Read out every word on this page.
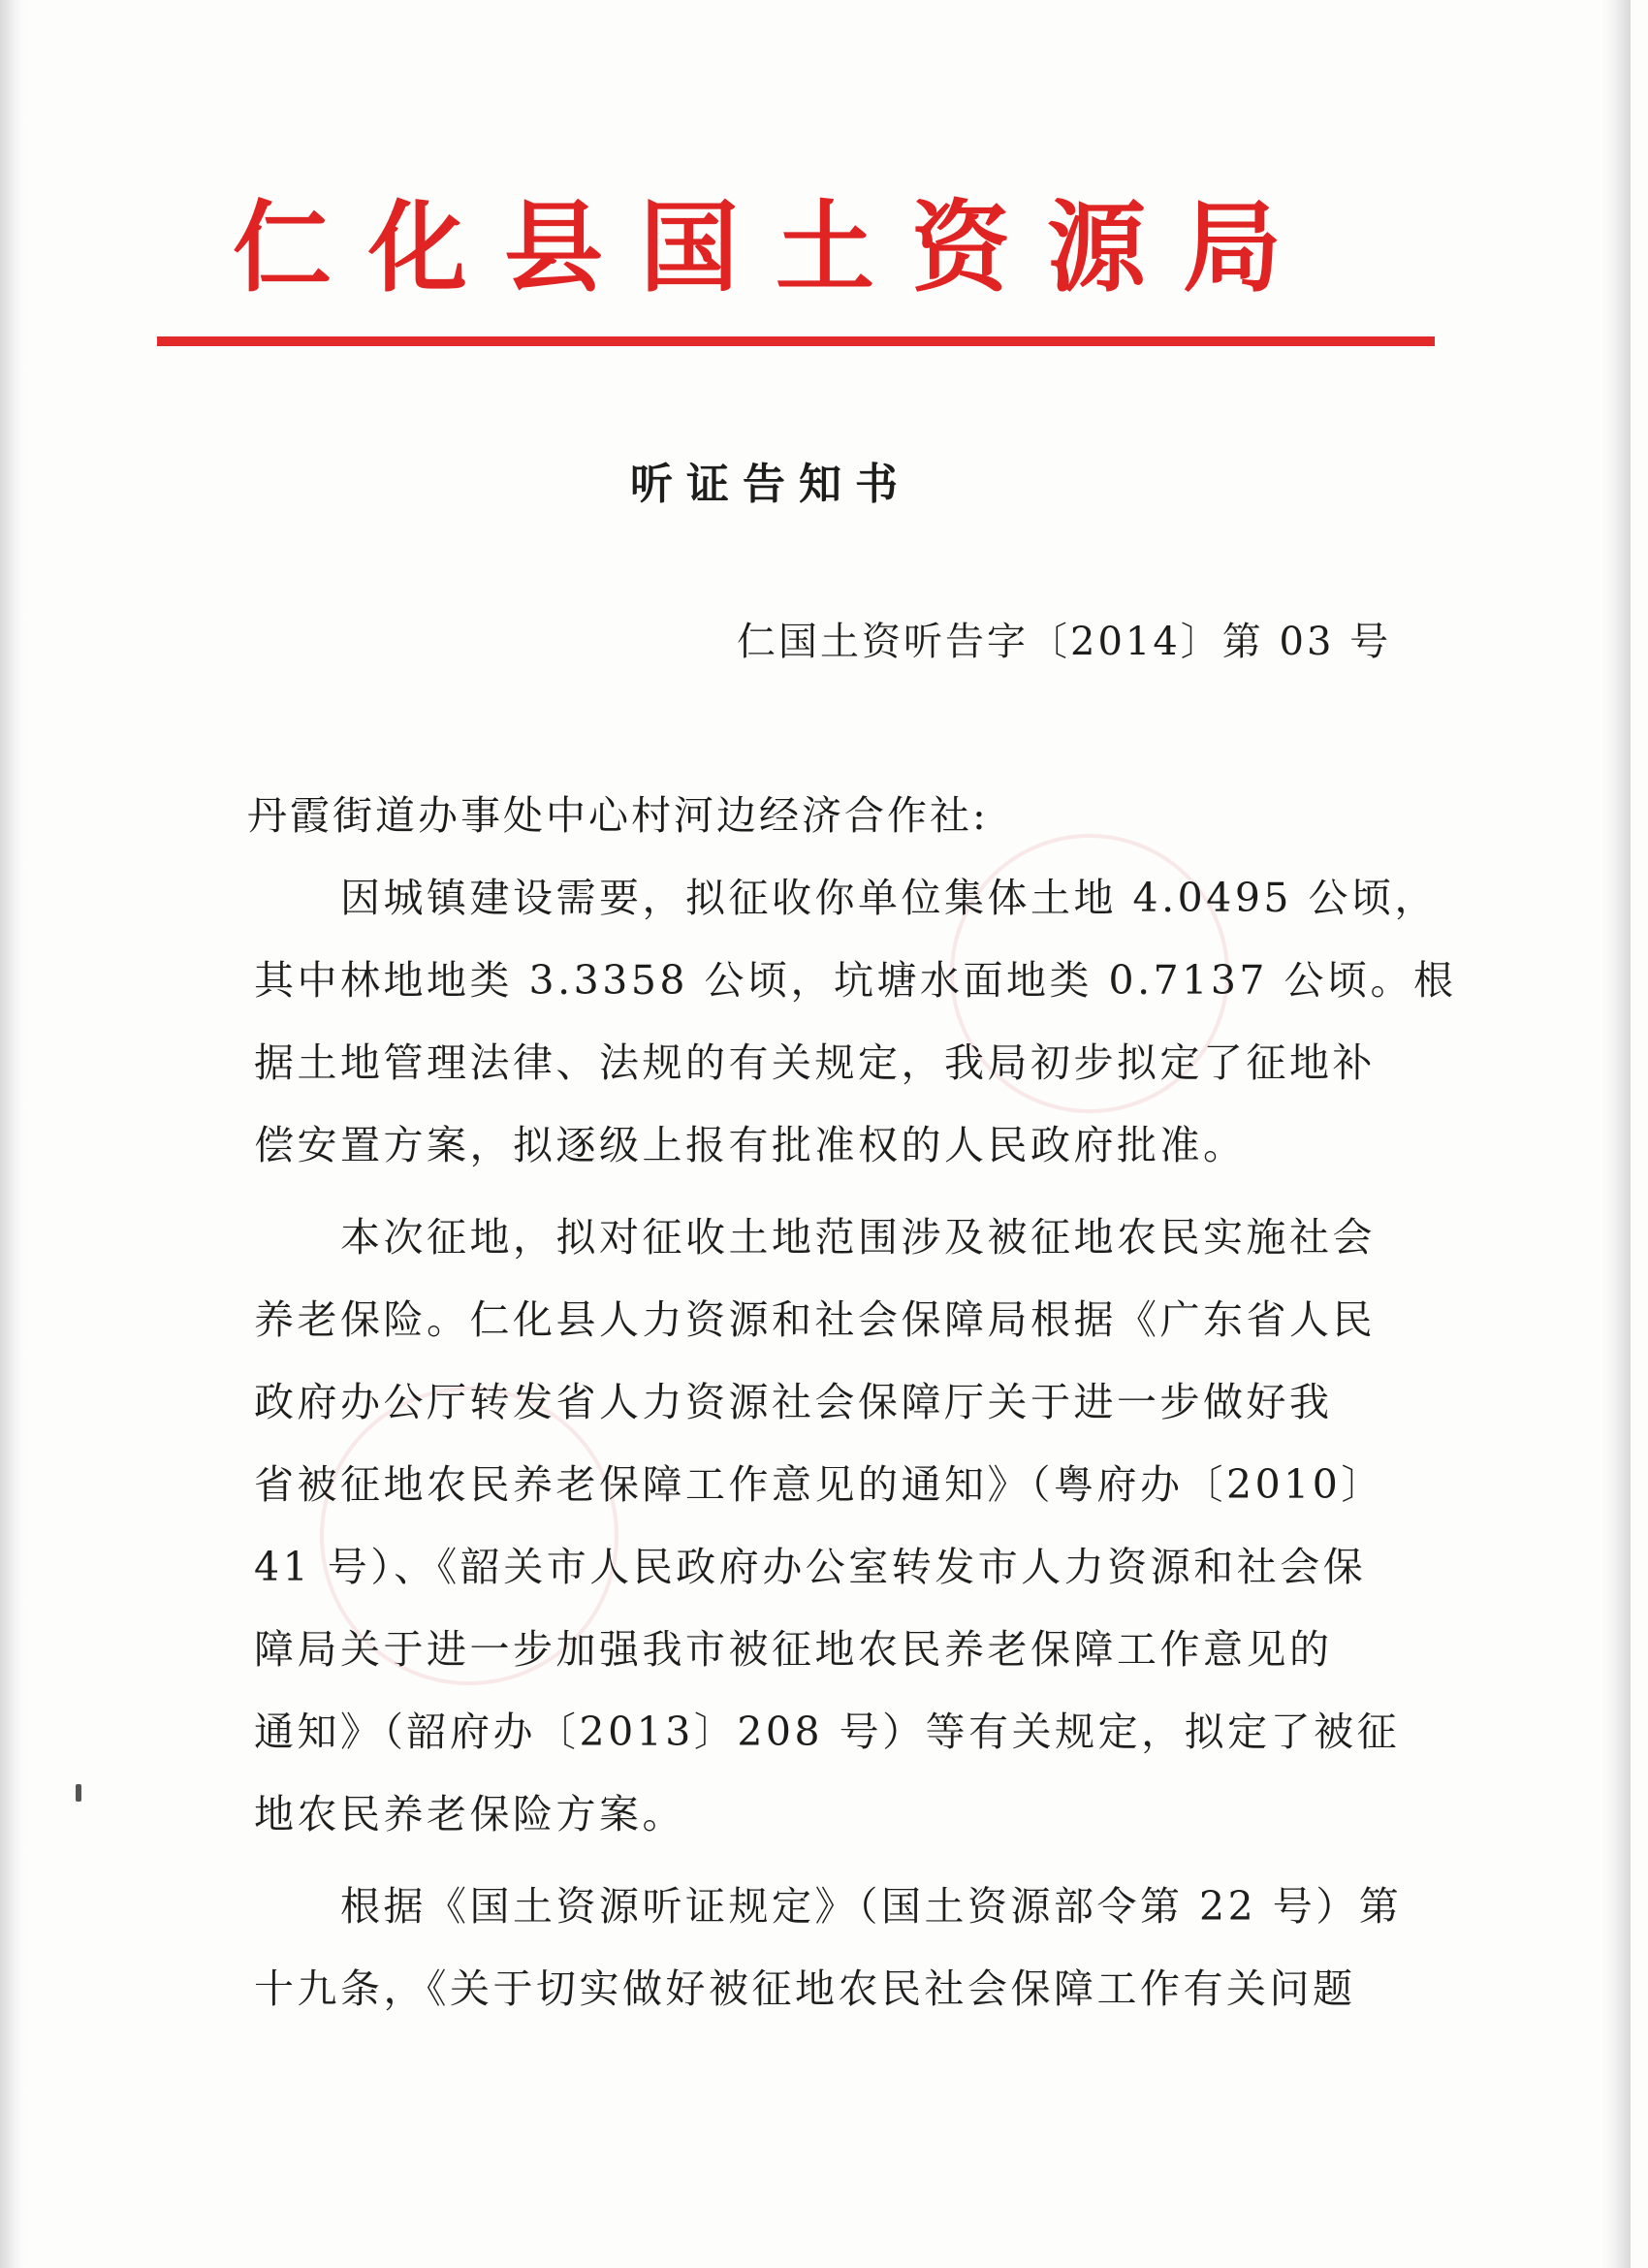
仁化县国土资源局
听证告知书
仁国土资听告字〔2014〕第 03 号
丹霞街道办事处中心村河边经济合作社:
　　因城镇建设需要，拟征收你单位集体土地 4.0495 公顷，
其中林地地类 3.3358 公顷，坑塘水面地类 0.7137 公顷。根
据土地管理法律、法规的有关规定，我局初步拟定了征地补
偿安置方案，拟逐级上报有批准权的人民政府批准。
　　本次征地，拟对征收土地范围涉及被征地农民实施社会
养老保险。仁化县人力资源和社会保障局根据《广东省人民
政府办公厅转发省人力资源社会保障厅关于进一步做好我
省被征地农民养老保障工作意见的通知》（粤府办〔2010〕
41 号）、《韶关市人民政府办公室转发市人力资源和社会保
障局关于进一步加强我市被征地农民养老保障工作意见的
通知》（韶府办〔2013〕208 号）等有关规定，拟定了被征
地农民养老保险方案。
　　根据《国土资源听证规定》（国土资源部令第 22 号）第
十九条，《关于切实做好被征地农民社会保障工作有关问题
